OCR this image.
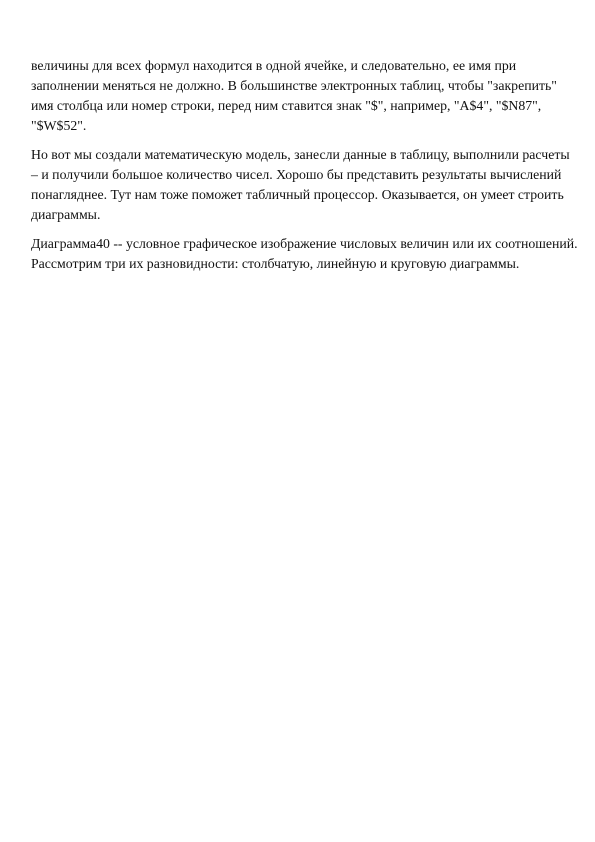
величины для всех формул находится в одной ячейке, и следовательно, ее имя при
заполнении меняться не должно. В большинстве электронных таблиц, чтобы "закрепить"
имя столбца или номер строки, перед ним ставится знак "$", например, "A$4", "$N87",
"$W$52".

Но вот мы создали математическую модель, занесли данные в таблицу, выполнили расчеты
– и получили большое количество чисел. Хорошо бы представить результаты вычислений
понагляднее. Тут нам тоже поможет табличный процессор. Оказывается, он умеет строить
диаграммы.

Диаграмма40 -- условное графическое изображение числовых величин или их соотношений.
Рассмотрим три их разновидности: столбчатую, линейную и круговую диаграммы.
